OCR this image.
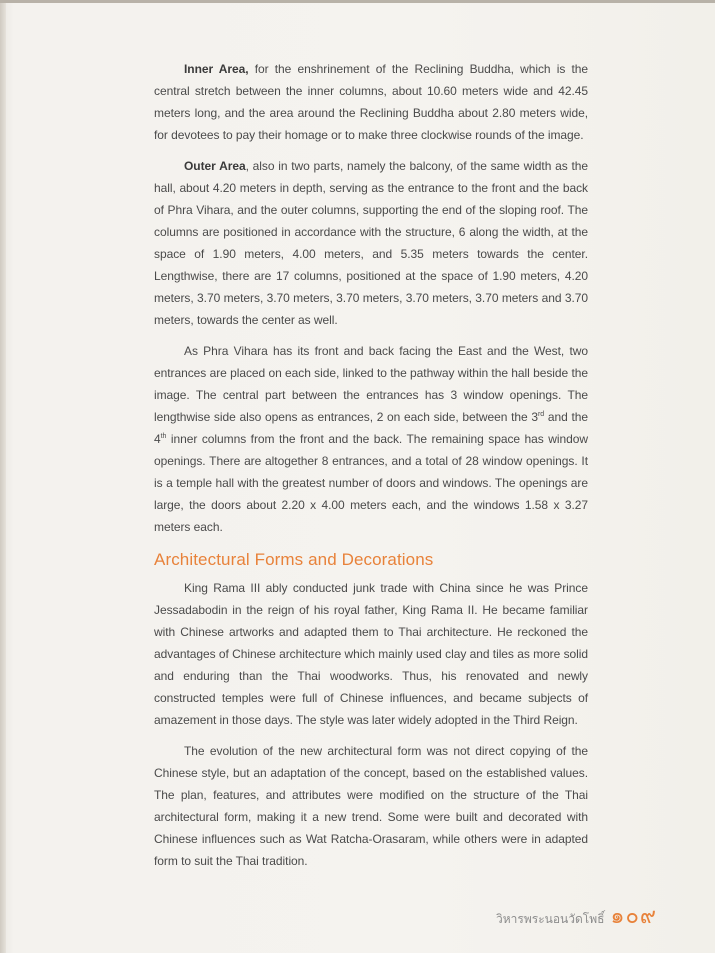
Inner Area, for the enshrinement of the Reclining Buddha, which is the central stretch between the inner columns, about 10.60 meters wide and 42.45 meters long, and the area around the Reclining Buddha about 2.80 meters wide, for devotees to pay their homage or to make three clockwise rounds of the image.

Outer Area, also in two parts, namely the balcony, of the same width as the hall, about 4.20 meters in depth, serving as the entrance to the front and the back of Phra Vihara, and the outer columns, supporting the end of the sloping roof. The columns are positioned in accordance with the structure, 6 along the width, at the space of 1.90 meters, 4.00 meters, and 5.35 meters towards the center. Lengthwise, there are 17 columns, positioned at the space of 1.90 meters, 4.20 meters, 3.70 meters, 3.70 meters, 3.70 meters, 3.70 meters, 3.70 meters and 3.70 meters, towards the center as well.

As Phra Vihara has its front and back facing the East and the West, two entrances are placed on each side, linked to the pathway within the hall beside the image. The central part between the entrances has 3 window openings. The lengthwise side also opens as entrances, 2 on each side, between the 3rd and the 4th inner columns from the front and the back. The remaining space has window openings. There are altogether 8 entrances, and a total of 28 window openings. It is a temple hall with the greatest number of doors and windows. The openings are large, the doors about 2.20 x 4.00 meters each, and the windows 1.58 x 3.27 meters each.

Architectural Forms and Decorations

King Rama III ably conducted junk trade with China since he was Prince Jessadabodin in the reign of his royal father, King Rama II. He became familiar with Chinese artworks and adapted them to Thai architecture. He reckoned the advantages of Chinese architecture which mainly used clay and tiles as more solid and enduring than the Thai woodworks. Thus, his renovated and newly constructed temples were full of Chinese influences, and became subjects of amazement in those days. The style was later widely adopted in the Third Reign.

The evolution of the new architectural form was not direct copying of the Chinese style, but an adaptation of the concept, based on the established values. The plan, features, and attributes were modified on the structure of the Thai architectural form, making it a new trend. Some were built and decorated with Chinese influences such as Wat Ratcha-Orasaram, while others were in adapted form to suit the Thai tradition.

วิหารพระนอนวัดโพธิ์ ๑๐๙
